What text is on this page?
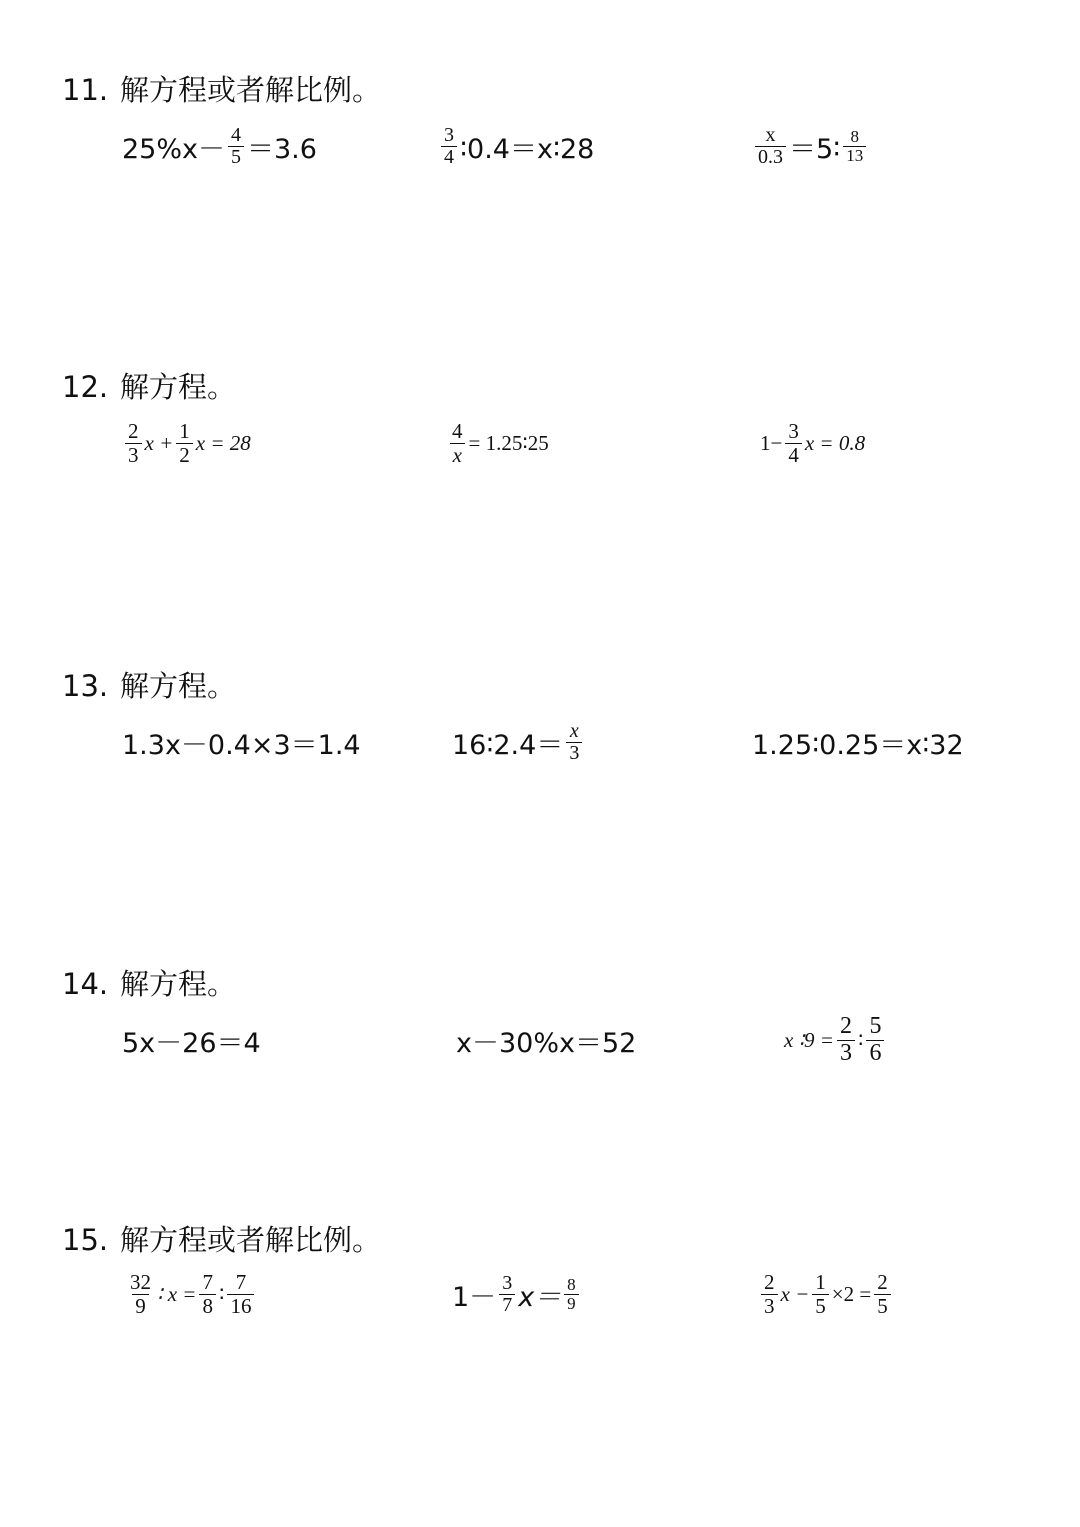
11. 解方程或者解比例。
$25\%x- \frac{4}{5} =3.6$	$\frac{3}{4}$ ∶0.4＝x∶28	$\frac{x}{0.3}$ ＝5∶ $\frac{8}{13}$
12. 解方程。
$\frac{2}{3}$ $x + \frac{1}{2}$ x = 28	$\frac{4}{x}$ = 1.25∶25	$1- \frac{3}{4}$ x = 0.8
13. 解方程。
1.3x－0.4×3＝1.4	16∶2.4＝ $\frac{x}{3}$	1.25∶0.25＝x∶32
14. 解方程。
5x－26＝4	x－30%x＝52	x ∶9 = $\frac{2}{3}$ ∶ $\frac{5}{6}$
15. 解方程或者解比例。
$\frac{32}{9}$ ∶ $x = \frac{7}{8}$ ∶ $\frac{7}{16}$	$1- \frac{3}{7} x= \frac{8}{9}$	$\frac{2}{3}$ $x - \frac{1}{5} \times 2 = \frac{2}{5}$
